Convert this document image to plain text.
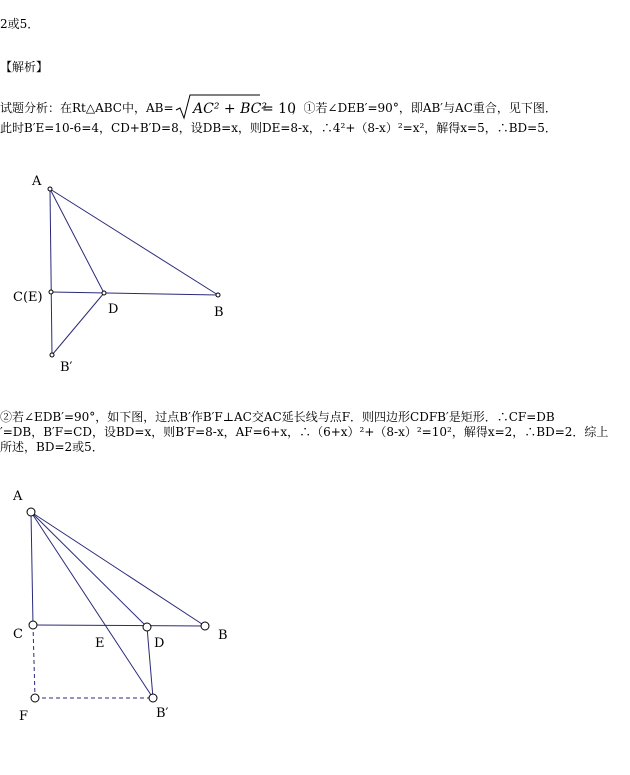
2或5．
【解析】
试题分析：在Rt△ABC中，AB= AC² + BC²
= 10
，①若∠DEB′=90°，即AB′与AC重合，见下图．
此时B′E=10-6=4，CD+B′D=8，设DB=x，则DE=8-x，∴4²+（8-x）²=x²，解得x=5，∴BD=5．
A
C(E)
D	B
B′
②若∠EDB′=90°，如下图，过点B′作B′F⊥AC交AC延长线与点F．则四边形CDFB′是矩形．∴CF=DB
′=DB，B′F=CD，设BD=x，则B′F=8-x，AF=6+x，∴（6+x）²+（8-x）²=10²，解得x=2，∴BD=2．综上
所述，BD=2或5．
A
C
E	D
B
F	B′
